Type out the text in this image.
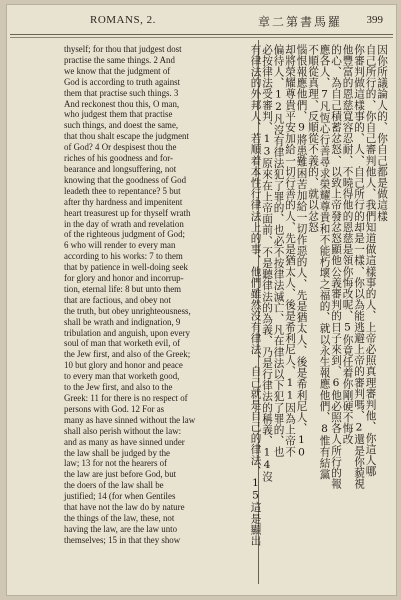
ROMANS, 2.	章二第書馬羅 399
thyself; for thou that judgest dost
practise the same things. 2 And
we know that the judgment of
God is according to truth against
them that practise such things. 3
And reckonest thou this, O man,
who judgest them that practise
such things, and doest the same,
that thou shalt escape the judgment
of God? 4 Or despisest thou the
riches of his goodness and for-
bearance and longsuffering, not
knowing that the goodness of God
leadeth thee to repentance? 5 but
after thy hardness and impenitent
heart treasurest up for thyself wrath
in the day of wrath and revelation
of the righteous judgment of God;
6 who will render to every man
according to his works: 7 to them
that by patience in well-doing seek
for glory and honor and incorrup-
tion, eternal life: 8 but unto them
that are factious, and obey not
the truth, but obey unrighteousness,
shall be wrath and indignation, 9
tribulation and anguish, upon every
soul of man that worketh evil, of
the Jew first, and also of the Greek;
10 but glory and honor and peace
to every man that worketh good,
to the Jew first, and also to the
Greek: 11 for there is no respect of
persons with God. 12 For as
many as have sinned without the law
shall also perish without the law:
and as many as have sinned under
the law shall be judged by the
law; 13 for not the hearers of
the law are just before God, but
the doers of the law shall be
justified; 14 (for when Gentiles
that have not the law do by nature
the things of the law, these, not
having the law, are the law unto
themselves; 15 in that they show
因你所議論人的、你自己都是做這樣
自己所行的、你自己審判他人、我們知道做這樣事的人、上帝必照真理審判他、你這人哪
你審判做這樣事的、人、自己所行的却是一樣、你以為能逃避上帝的審判嗎、2還是你藐視
他豐富的恩慈寬容忍耐、不曉得他的恩慈是領你悔改呢、5你竟任着你剛硬不悔改
的心、為自己積蓄忿怒、以致上帝發忿怒顯他公義審判的日子來到、6他必照各人所行的報
應各人、7凡恆心行善尋求榮耀尊貴和不能朽壞之福的、就以永生報應他們、8惟有結黨
不順從真理、反順從不義的、就以忿怒
惱恨報應他們、9將患難困苦加給一切作惡的人、先是猶太人、後是希利尼人、10
却將榮耀尊貴平安加給一切行善的人、先是猶太人、後是希利尼人、11因為上帝不
偏待人、12凡沒有律法犯了罪的、也必不按律法滅亡、凡在律法以下犯了罪的、也
必按律法受審判、13原來在上帝面前、不是聽律法的為義、乃是行律法的稱義、14沒
有律法的外邦人、若順着本性行律法上的事、他們雖然沒有律法、自己就是自己的律法、15這是顯出
